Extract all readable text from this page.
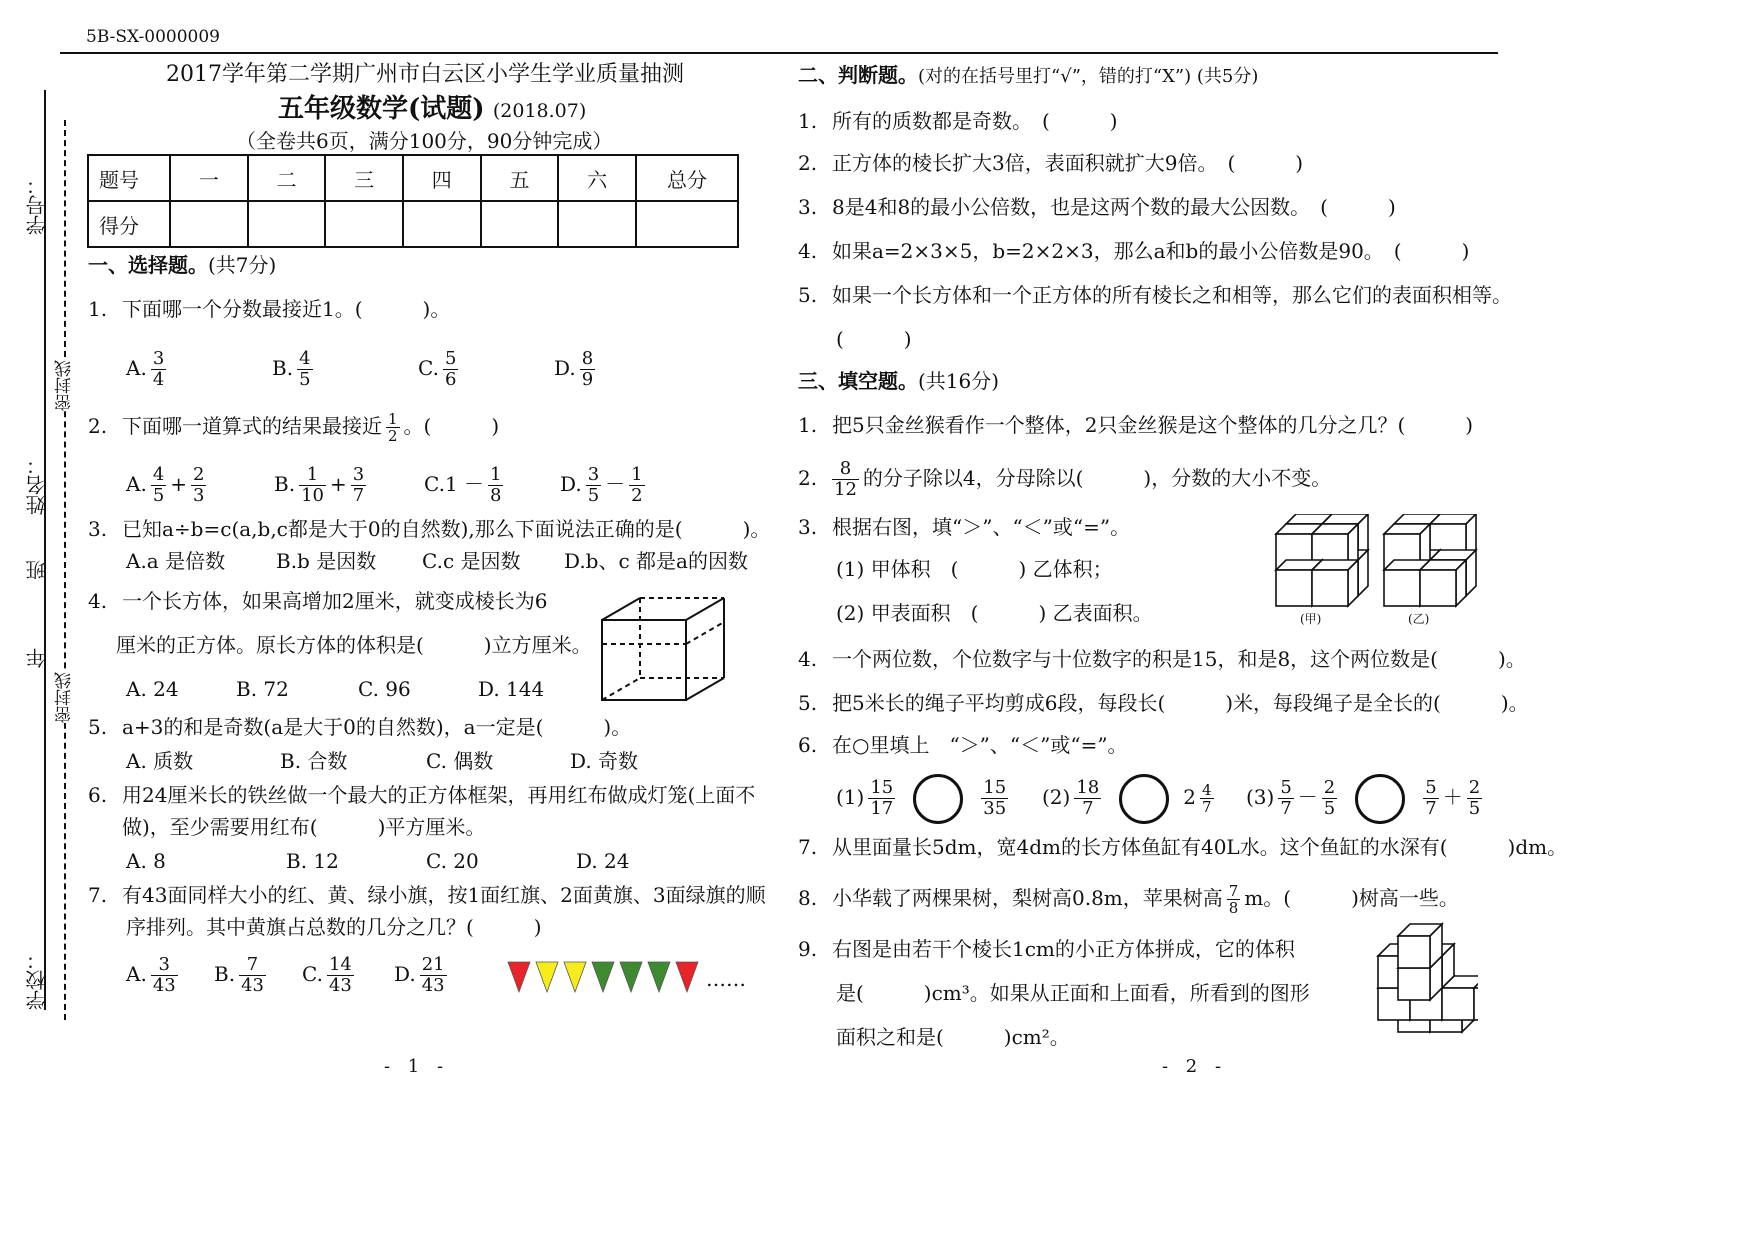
5B-SX-0000009
学号：
密封线
姓名：
班
年
密封线
学校：
2017学年第二学期广州市白云区小学生学业质量抽测
五年级数学(试题) (2018.07)
（全卷共6页，满分100分，90分钟完成）
题号	一	二	三	四	五	六	总分
得分							
一、选择题。(共7分)
1. 下面哪一个分数最接近1。(	)。
A. $\frac{3}{4}$	B. $\frac{4}{5}$	C. $\frac{5}{6}$	D. $\frac{8}{9}$
2. 下面哪一道算式的结果最接近 $\frac{1}{2}$ 。(　　　)
A. $\frac{4}{5} + \frac{2}{3}$	B. $\frac{1}{10} + \frac{3}{7}$	$C.1 - \frac{1}{8}$	D. $\frac{3}{5} - \frac{1}{2}$
3. 已知a÷b=c(a,b,c都是大于0的自然数),那么下面说法正确的是(　　　)。
A.a 是倍数	B.b 是因数 C.c 是因数 D.b、c 都是a的因数
4. 一个长方体，如果高增加2厘米，就变成棱长为6
厘米的正方体。原长方体的体积是(　　　)立方厘米。
A. 24	B. 72	C. 96	D. 144
5. a+3的和是奇数(a是大于0的自然数)，a一定是(　　　)。
A. 质数	B. 合数	C. 偶数	D. 奇数
6. 用24厘米长的铁丝做一个最大的正方体框架，再用红布做成灯笼(上面不
做)，至少需要用红布(　　　)平方厘米。
A. 8	B. 12	C. 20	D. 24
7. 有43面同样大小的红、黄、绿小旗，按1面红旗、2面黄旗、3面绿旗的顺
序排列。其中黄旗占总数的几分之几？(　　　)
A. $\frac{3}{43} B$. $\frac{7}{43} C$. $\frac{14}{43} D$. $\frac{21}{43}$	……
- 1 -
二、判断题。(对的在括号里打“√”，错的打“X”) (共5分)
1. 所有的质数都是奇数。　(　　　)
2. 正方体的棱长扩大3倍，表面积就扩大9倍。　(　　　)
3. 8是4和8的最小公倍数，也是这两个数的最大公因数。　(　　　)
4. 如果a=2×3×5，b=2×2×3，那么a和b的最小公倍数是90。　(　　　)
5. 如果一个长方体和一个正方体的所有棱长之和相等，那么它们的表面积相等。
(　　　)
三、填空题。(共16分)
1. 把5只金丝猴看作一个整体，2只金丝猴是这个整体的几分之几？(　　　)
2. $\frac{8}{12}$ 的分子除以4，分母除以(　　　)，分数的大小不变。
3. 根据右图，填“＞”、“＜”或“=”。
(1) 甲体积　(　　　) 乙体积；
(2) 甲表面积　(　　　) 乙表面积。	(甲)	(乙)
4. 一个两位数，个位数字与十位数字的积是15，和是8，这个两位数是(　　　)。
5. 把5米长的绳子平均剪成6段，每段长(　　　)米，每段绳子是全长的(　　　)。
6. 在○里填上　“＞”、“＜”或“=”。
$(1) \frac{15}{17}$	$\frac{15}{35} (2) \frac{18}{7}$	$2 \frac{4}{7} (3) \frac{5}{7} - \frac{2}{5}$	$\frac{5}{7} + \frac{2}{5}$
7. 从里面量长5dm，宽4dm的长方体鱼缸有40L水。这个鱼缸的水深有(　　　)dm。
8. 小华载了两棵果树，梨树高0.8m，苹果树高 $\frac{7}{8}$ m。(　　　)树高一些。
9. 右图是由若干个棱长1cm的小正方体拼成，它的体积
是(　　　)cm³。如果从正面和上面看，所看到的图形
面积之和是(　　　)cm²。
- 2 -
